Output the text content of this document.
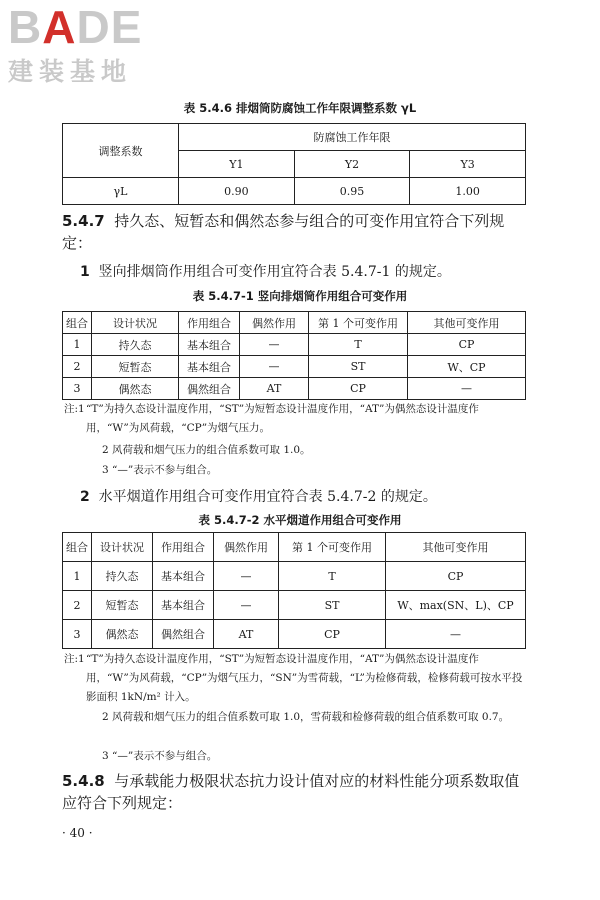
BADE
建装基地
表 5.4.6 排烟筒防腐蚀工作年限调整系数 γL
调整系数	防腐蚀工作年限		
	Y1	Y2	Y3
γL	0.90	0.95	1.00
5.4.7 持久态、短暂态和偶然态参与组合的可变作用宜符合下列规定：
1 竖向排烟筒作用组合可变作用宜符合表 5.4.7-1 的规定。
表 5.4.7-1 竖向排烟筒作用组合可变作用
组合	设计状况	作用组合	偶然作用	第 1 个可变作用	其他可变作用
1	持久态	基本组合	—	T	CP
2	短暂态	基本组合	—	ST	W、CP
3	偶然态	偶然组合	AT	CP	—
注:1 “T”为持久态设计温度作用，“ST”为短暂态设计温度作用，“AT”为偶然态设计温度作用，“W”为风荷载，“CP”为烟气压力。
2 风荷载和烟气压力的组合值系数可取 1.0。
3 “—”表示不参与组合。
2 水平烟道作用组合可变作用宜符合表 5.4.7-2 的规定。
表 5.4.7-2 水平烟道作用组合可变作用
组合	设计状况	作用组合	偶然作用	第 1 个可变作用	其他可变作用
1	持久态	基本组合	—	T	CP
2	短暂态	基本组合	—	ST	W、max(SN、L)、CP
3	偶然态	偶然组合	AT	CP	—
注:1 “T”为持久态设计温度作用，“ST”为短暂态设计温度作用，“AT”为偶然态设计温度作用，“W”为风荷载，“CP”为烟气压力，“SN”为雪荷载，“L”为检修荷载，检修荷载可按水平投影面积 1kN/m² 计入。
2 风荷载和烟气压力的组合值系数可取 1.0，雪荷载和检修荷载的组合值系数可取 0.7。
3 “—”表示不参与组合。
5.4.8 与承载能力极限状态抗力设计值对应的材料性能分项系数取值应符合下列规定：
· 40 ·
